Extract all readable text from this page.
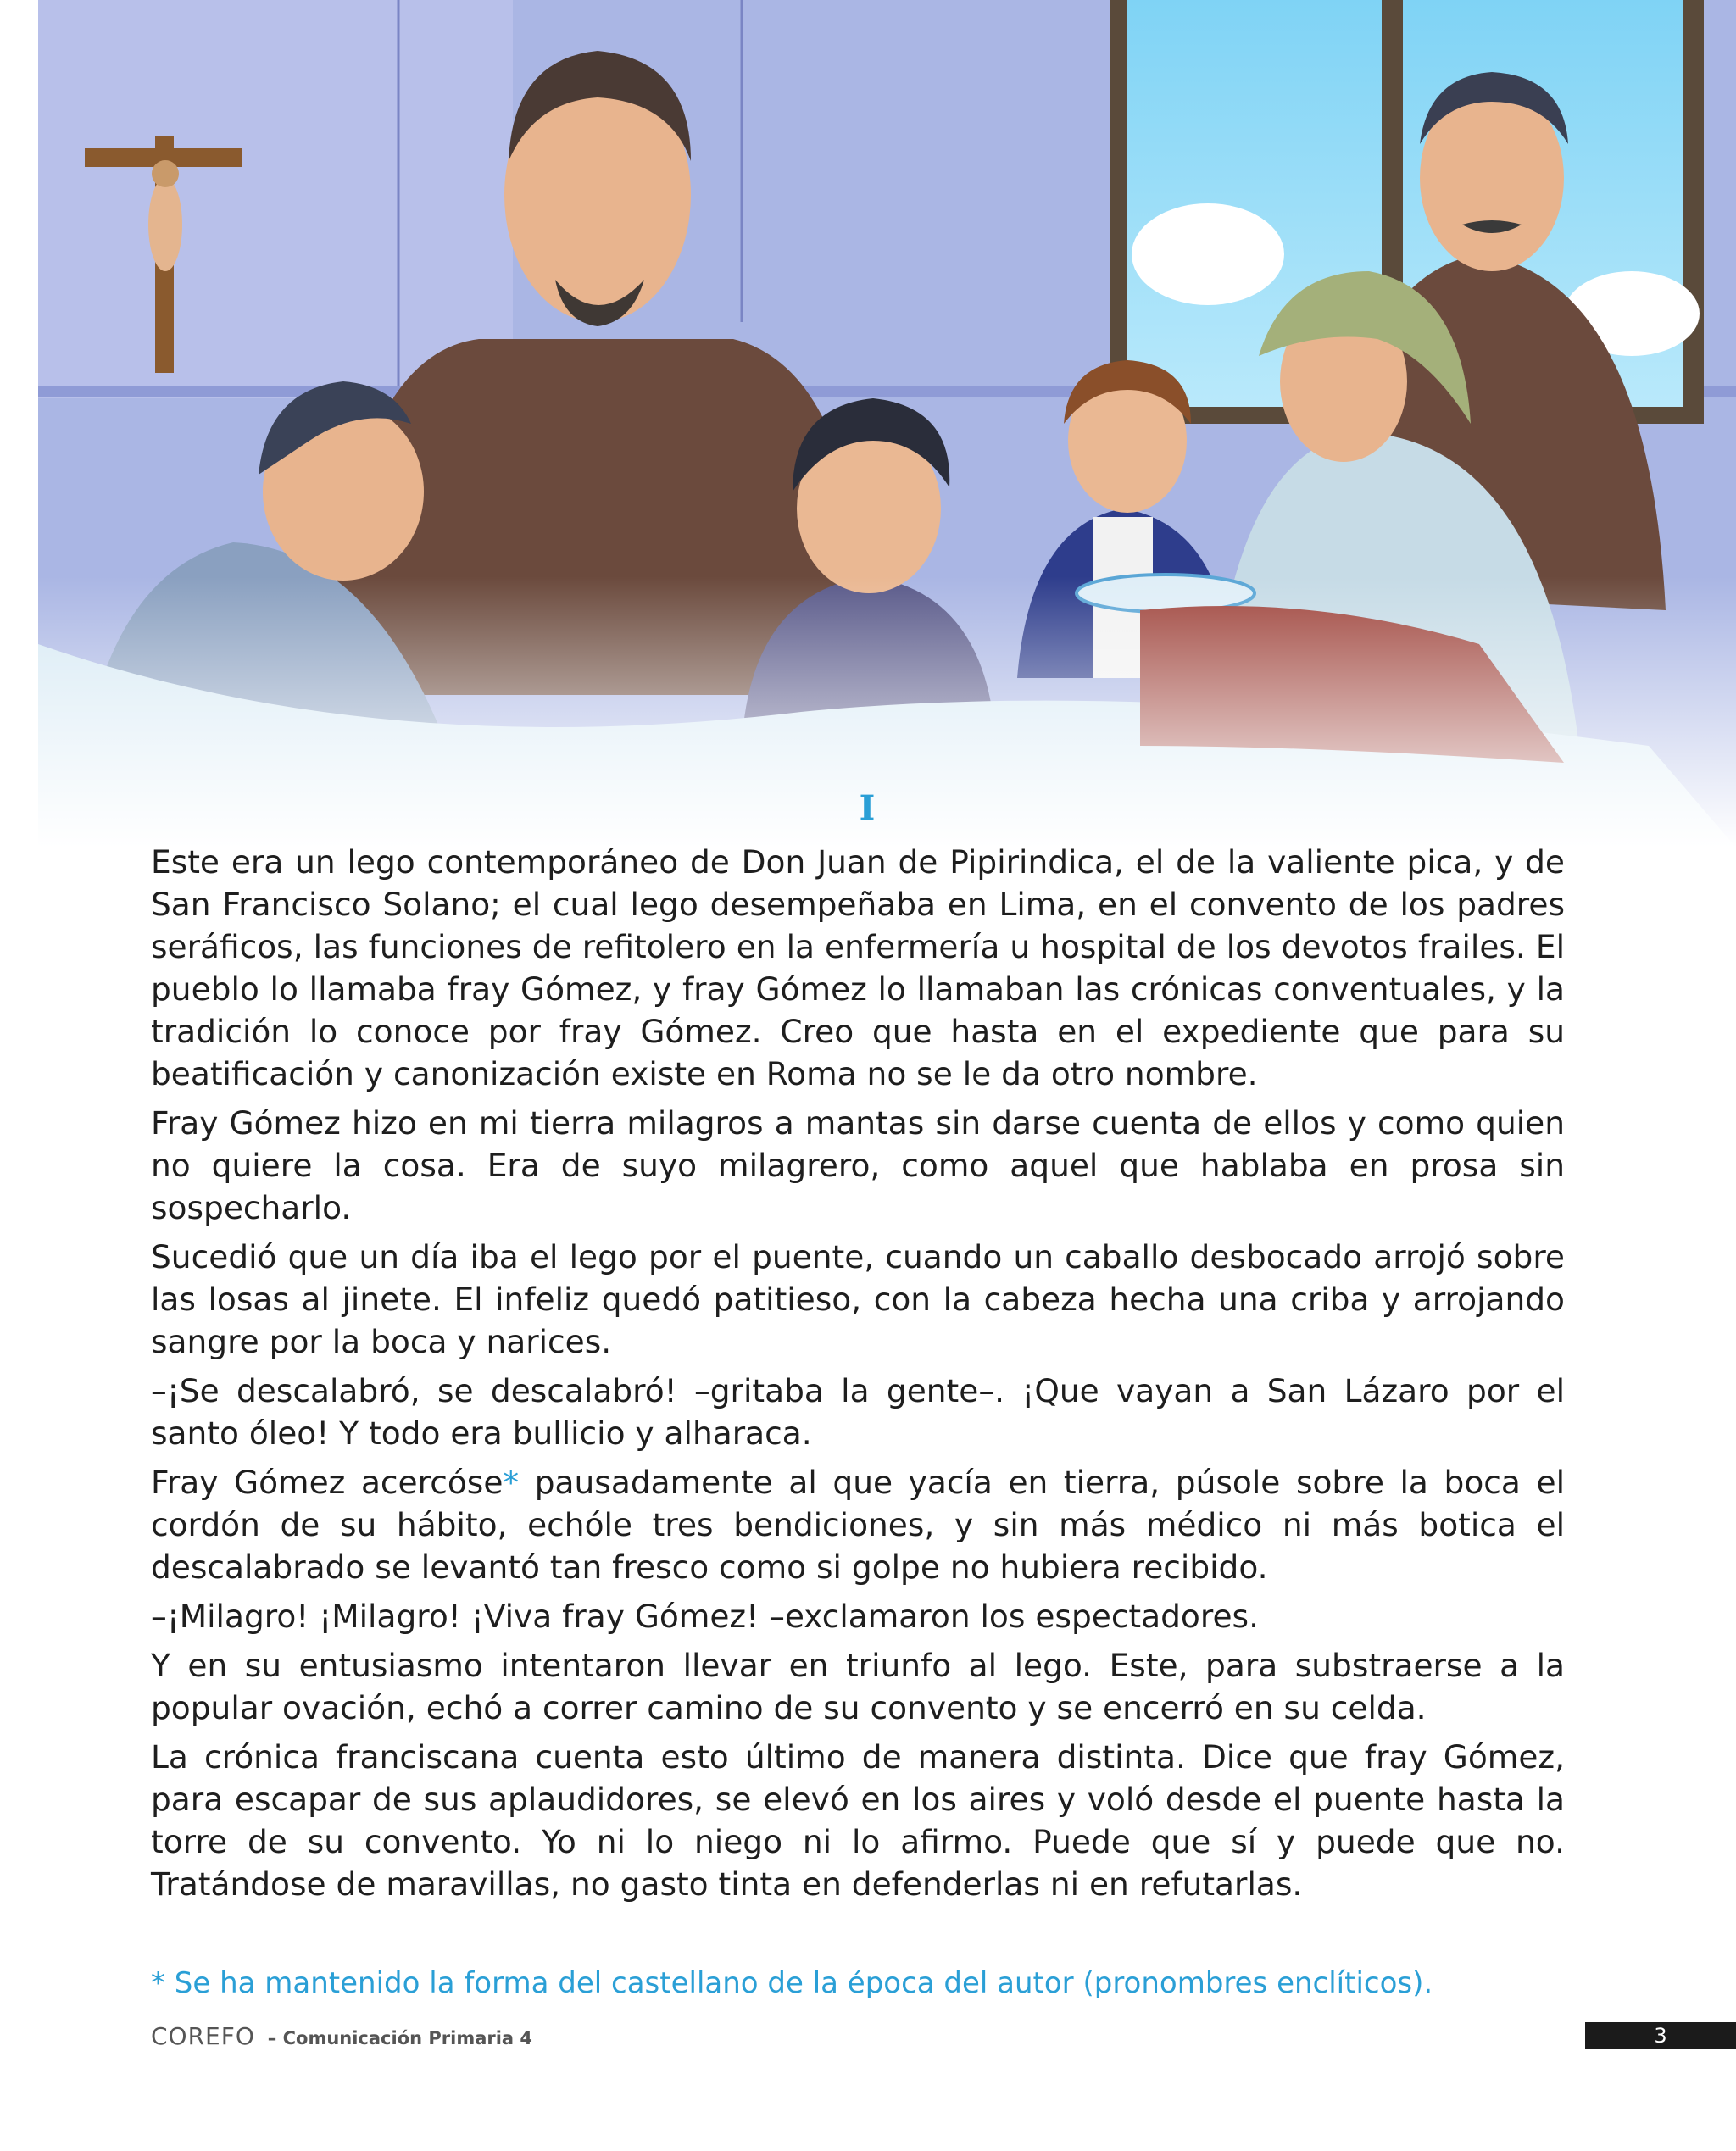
I

Este era un lego contemporáneo de Don Juan de Pipirindica, el de la valiente pica, y de San Francisco Solano; el cual lego desempeñaba en Lima, en el convento de los padres seráficos, las funciones de refitolero en la enfermería u hospital de los devotos frailes. El pueblo lo llamaba fray Gómez, y fray Gómez lo llamaban las crónicas conventuales, y la tradición lo conoce por fray Gómez. Creo que hasta en el expediente que para su beatificación y canonización existe en Roma no se le da otro nombre.

Fray Gómez hizo en mi tierra milagros a mantas sin darse cuenta de ellos y como quien no quiere la cosa. Era de suyo milagrero, como aquel que hablaba en prosa sin sospecharlo.

Sucedió que un día iba el lego por el puente, cuando un caballo desbocado arrojó sobre las losas al jinete. El infeliz quedó patitieso, con la cabeza hecha una criba y arrojando sangre por la boca y narices.

–¡Se descalabró, se descalabró! –gritaba la gente–. ¡Que vayan a San Lázaro por el santo óleo! Y todo era bullicio y alharaca.

Fray Gómez acercóse* pausadamente al que yacía en tierra, púsole sobre la boca el cordón de su hábito, echóle tres bendiciones, y sin más médico ni más botica el descalabrado se levantó tan fresco como si golpe no hubiera recibido.

–¡Milagro! ¡Milagro! ¡Viva fray Gómez! –exclamaron los espectadores.

Y en su entusiasmo intentaron llevar en triunfo al lego. Este, para substraerse a la popular ovación, echó a correr camino de su convento y se encerró en su celda.

La crónica franciscana cuenta esto último de manera distinta. Dice que fray Gómez, para escapar de sus aplaudidores, se elevó en los aires y voló desde el puente hasta la torre de su convento. Yo ni lo niego ni lo afirmo. Puede que sí y puede que no. Tratándose de maravillas, no gasto tinta en defenderlas ni en refutarlas.

* Se ha mantenido la forma del castellano de la época del autor (pronombres enclíticos).
COREFO – Comunicación Primaria 4	3
